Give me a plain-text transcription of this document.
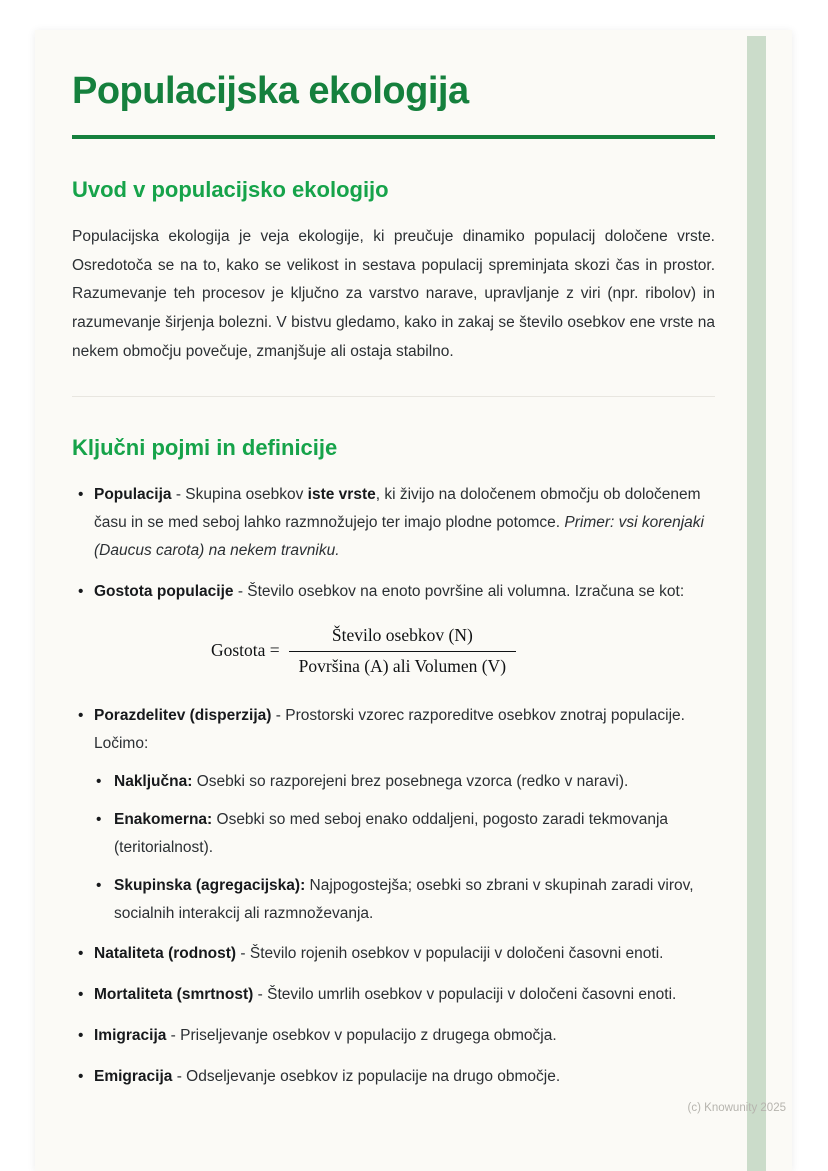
Populacijska ekologija
Uvod v populacijsko ekologijo

Populacijska ekologija je veja ekologije, ki preučuje dinamiko populacij določene vrste. Osredotoča se na to, kako se velikost in sestava populacij spreminjata skozi čas in prostor. Razumevanje teh procesov je ključno za varstvo narave, upravljanje z viri (npr. ribolov) in razumevanje širjenja bolezni. V bistvu gledamo, kako in zakaj se število osebkov ene vrste na nekem območju povečuje, zmanjšuje ali ostaja stabilno.

Ključni pojmi in definicije
• Populacija - Skupina osebkov iste vrste, ki živijo na določenem območju ob določenem času in se med seboj lahko razmnožujejo ter imajo plodne potomce. Primer: vsi korenjaki (Daucus carota) na nekem travniku.
• Gostota populacije - Število osebkov na enoto površine ali volumna. Izračuna se kot:
Gostota = $\frac{\text{Število osebkov (N)}}{\text{Površina (A) ali Volumen (V)}}$
• Porazdelitev (disperzija) - Prostorski vzorec razporeditve osebkov znotraj populacije. Ločimo:
• Naključna: Osebki so razporejeni brez posebnega vzorca (redko v naravi).
• Enakomerna: Osebki so med seboj enako oddaljeni, pogosto zaradi tekmovanja (teritorialnost).
• Skupinska (agregacijska): Najpogostejša; osebki so zbrani v skupinah zaradi virov, socialnih interakcij ali razmnoževanja.
• Nataliteta (rodnost) - Število rojenih osebkov v populaciji v določeni časovni enoti.
• Mortaliteta (smrtnost) - Število umrlih osebkov v populaciji v določeni časovni enoti.
• Imigracija - Priseljevanje osebkov v populacijo z drugega območja.
• Emigracija - Odseljevanje osebkov iz populacije na drugo območje.
(c) Knowunity 2025
